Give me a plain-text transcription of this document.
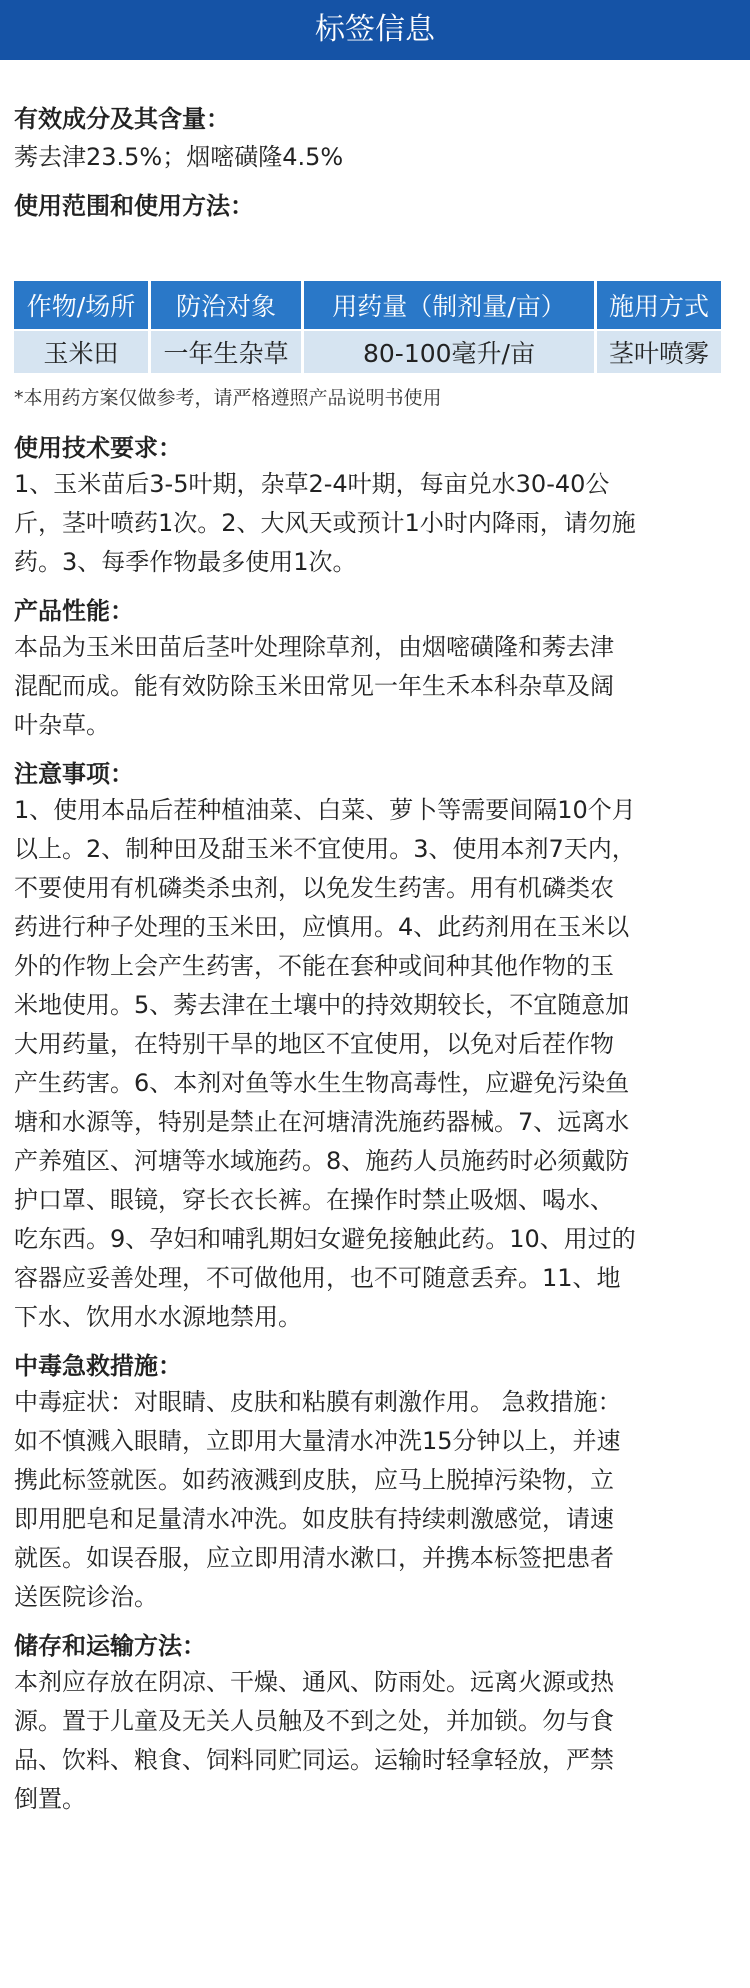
标签信息
有效成分及其含量：
莠去津23.5%；烟嘧磺隆4.5%
使用范围和使用方法：
作物/场所	防治对象	用药量（制剂量/亩）	施用方式
玉米田	一年生杂草	80-100毫升/亩	茎叶喷雾
*本用药方案仅做参考，请严格遵照产品说明书使用
使用技术要求：
1、玉米苗后3-5叶期，杂草2-4叶期，每亩兑水30-40公
斤，茎叶喷药1次。2、大风天或预计1小时内降雨，请勿施
药。3、每季作物最多使用1次。
产品性能：
本品为玉米田苗后茎叶处理除草剂，由烟嘧磺隆和莠去津
混配而成。能有效防除玉米田常见一年生禾本科杂草及阔
叶杂草。
注意事项：
1、使用本品后茬种植油菜、白菜、萝卜等需要间隔10个月
以上。2、制种田及甜玉米不宜使用。3、使用本剂7天内，
不要使用有机磷类杀虫剂，以免发生药害。用有机磷类农
药进行种子处理的玉米田，应慎用。4、此药剂用在玉米以
外的作物上会产生药害，不能在套种或间种其他作物的玉
米地使用。5、莠去津在土壤中的持效期较长，不宜随意加
大用药量，在特别干旱的地区不宜使用，以免对后茬作物
产生药害。6、本剂对鱼等水生生物高毒性，应避免污染鱼
塘和水源等，特别是禁止在河塘清洗施药器械。7、远离水
产养殖区、河塘等水域施药。8、施药人员施药时必须戴防
护口罩、眼镜，穿长衣长裤。在操作时禁止吸烟、喝水、
吃东西。9、孕妇和哺乳期妇女避免接触此药。10、用过的
容器应妥善处理，不可做他用，也不可随意丢弃。11、地
下水、饮用水水源地禁用。
中毒急救措施：
中毒症状：对眼睛、皮肤和粘膜有刺激作用。 急救措施：
如不慎溅入眼睛，立即用大量清水冲洗15分钟以上，并速
携此标签就医。如药液溅到皮肤，应马上脱掉污染物，立
即用肥皂和足量清水冲洗。如皮肤有持续刺激感觉，请速
就医。如误吞服，应立即用清水漱口，并携本标签把患者
送医院诊治。
储存和运输方法：
本剂应存放在阴凉、干燥、通风、防雨处。远离火源或热
源。置于儿童及无关人员触及不到之处，并加锁。勿与食
品、饮料、粮食、饲料同贮同运。运输时轻拿轻放，严禁
倒置。
